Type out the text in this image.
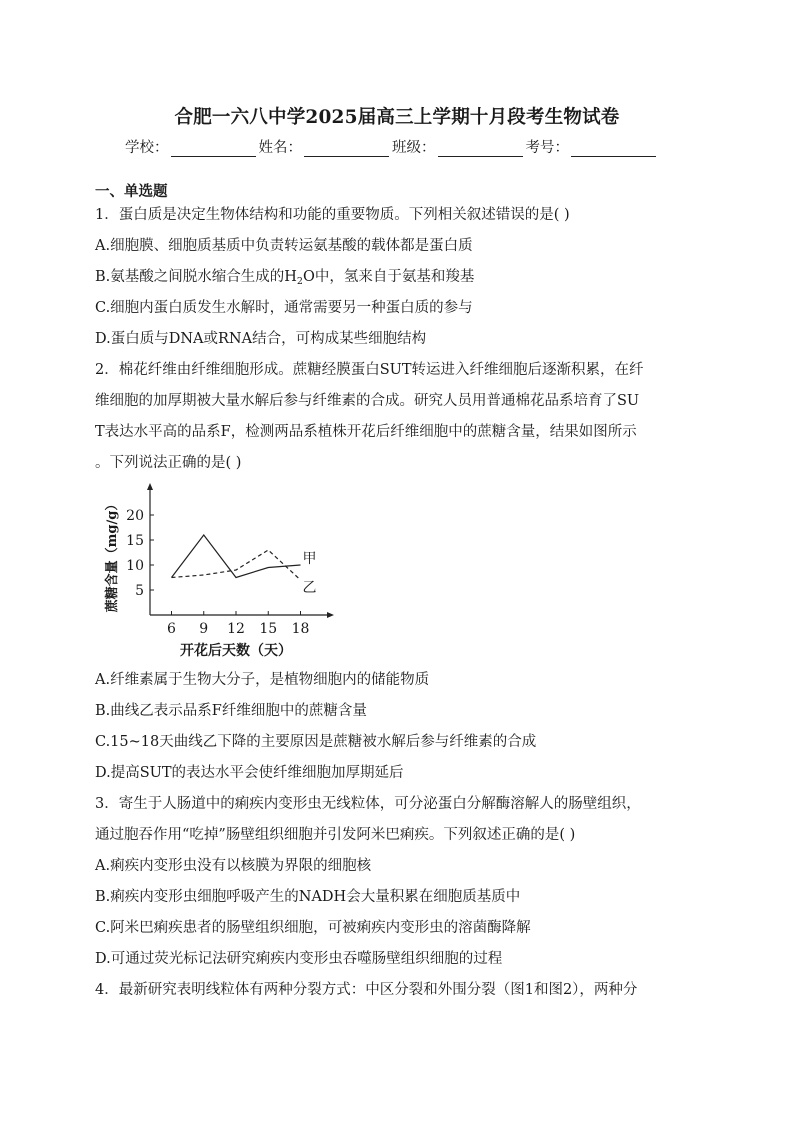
合肥一六八中学2025届高三上学期十月段考生物试卷
学校：	姓名：	班级：	考号：
一、单选题
1．蛋白质是决定生物体结构和功能的重要物质。下列相关叙述错误的是( )
A.细胞膜、细胞质基质中负责转运氨基酸的载体都是蛋白质
B.氨基酸之间脱水缩合生成的$H_2O$中，氢来自于氨基和羧基
C.细胞内蛋白质发生水解时，通常需要另一种蛋白质的参与
D.蛋白质与DNA或RNA结合，可构成某些细胞结构
2．棉花纤维由纤维细胞形成。蔗糖经膜蛋白SUT转运进入纤维细胞后逐渐积累，在纤
维细胞的加厚期被大量水解后参与纤维素的合成。研究人员用普通棉花品系培育了SU
T表达水平高的品系F，检测两品系植株开花后纤维细胞中的蔗糖含量，结果如图所示
。下列说法正确的是( )
5
10
15
20
6 9 12 15 18
甲
乙
开花后天数（天）
蔗糖含量（mg/g）
A.纤维素属于生物大分子，是植物细胞内的储能物质
B.曲线乙表示品系F纤维细胞中的蔗糖含量
C.15~18天曲线乙下降的主要原因是蔗糖被水解后参与纤维素的合成
D.提高SUT的表达水平会使纤维细胞加厚期延后
3．寄生于人肠道中的痢疾内变形虫无线粒体，可分泌蛋白分解酶溶解人的肠壁组织，
通过胞吞作用“吃掉”肠壁组织细胞并引发阿米巴痢疾。下列叙述正确的是( )
A.痢疾内变形虫没有以核膜为界限的细胞核
B.痢疾内变形虫细胞呼吸产生的NADH会大量积累在细胞质基质中
C.阿米巴痢疾患者的肠壁组织细胞，可被痢疾内变形虫的溶菌酶降解
D.可通过荧光标记法研究痢疾内变形虫吞噬肠壁组织细胞的过程
4．最新研究表明线粒体有两种分裂方式：中区分裂和外围分裂（图1和图2），两种分
